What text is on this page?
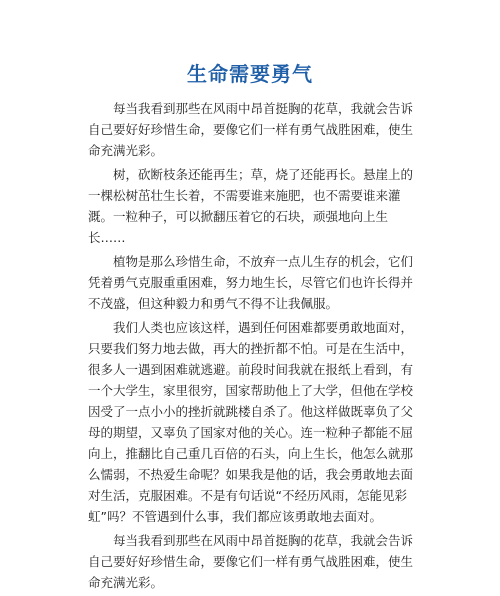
生命需要勇气

每当我看到那些在风雨中昂首挺胸的花草，我就会告诉自己要好好珍惜生命，要像它们一样有勇气战胜困难，使生命充满光彩。

树，砍断枝条还能再生；草，烧了还能再长。悬崖上的一棵松树茁壮生长着，不需要谁来施肥，也不需要谁来灌溉。一粒种子，可以掀翻压着它的石块，顽强地向上生长……

植物是那么珍惜生命，不放弃一点儿生存的机会，它们凭着勇气克服重重困难，努力地生长，尽管它们也许长得并不茂盛，但这种毅力和勇气不得不让我佩服。

我们人类也应该这样，遇到任何困难都要勇敢地面对，只要我们努力地去做，再大的挫折都不怕。可是在生活中，很多人一遇到困难就逃避。前段时间我就在报纸上看到，有一个大学生，家里很穷，国家帮助他上了大学，但他在学校因受了一点小小的挫折就跳楼自杀了。他这样做既辜负了父母的期望，又辜负了国家对他的关心。连一粒种子都能不屈向上，推翻比自己重几百倍的石头，向上生长，他怎么就那么懦弱，不热爱生命呢？如果我是他的话，我会勇敢地去面对生活，克服困难。不是有句话说“不经历风雨，怎能见彩虹”吗？不管遇到什么事，我们都应该勇敢地去面对。

每当我看到那些在风雨中昂首挺胸的花草，我就会告诉自己要好好珍惜生命，要像它们一样有勇气战胜困难，使生命充满光彩。
